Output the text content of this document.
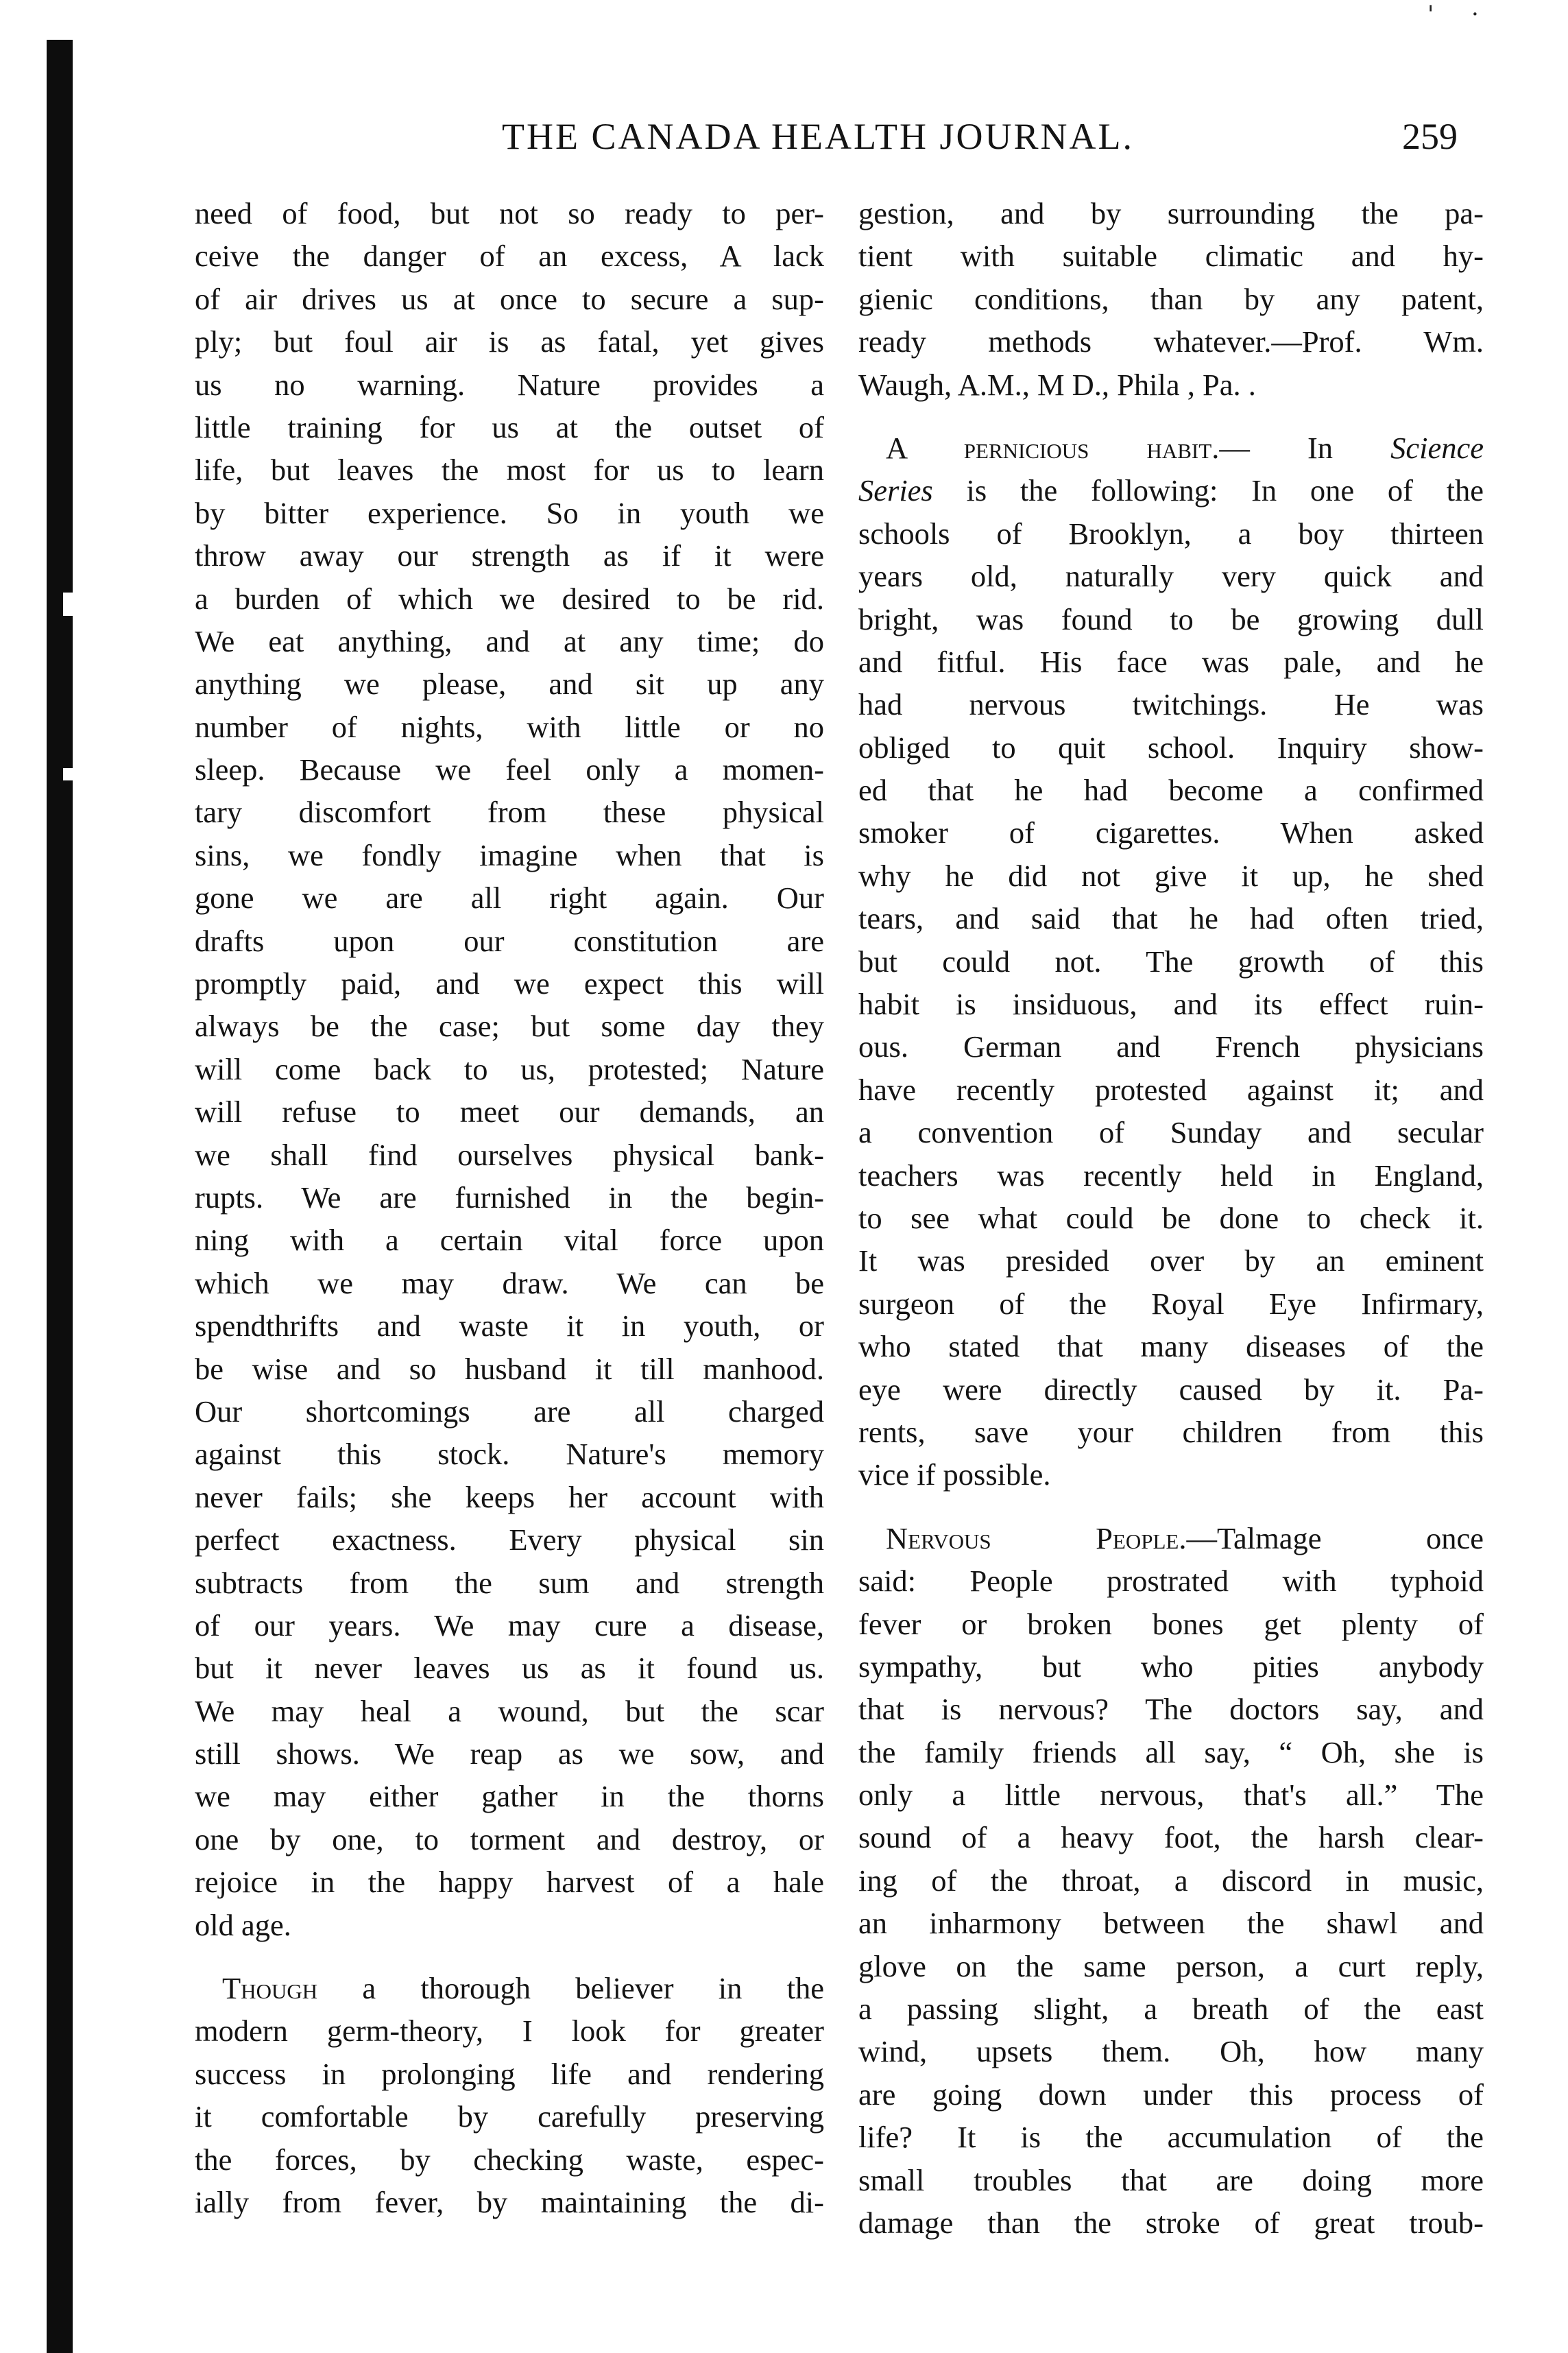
' ·
THE CANADA HEALTH JOURNAL.	259
need of food, but not so ready to per-
ceive the danger of an excess, A lack
of air drives us at once to secure a sup-
ply; but foul air is as fatal, yet gives
us no warning. Nature provides a
little training for us at the outset of
life, but leaves the most for us to learn
by bitter experience. So in youth we
throw away our strength as if it were
a burden of which we desired to be rid.
We eat anything, and at any time; do
anything we please, and sit up any
number of nights, with little or no
sleep. Because we feel only a momen-
tary discomfort from these physical
sins, we fondly imagine when that is
gone we are all right again. Our
drafts upon our constitution are
promptly paid, and we expect this will
always be the case; but some day they
will come back to us, protested; Nature
will refuse to meet our demands, an
we shall find ourselves physical bank-
rupts. We are furnished in the begin-
ning with a certain vital force upon
which we may draw. We can be
spendthrifts and waste it in youth, or
be wise and so husband it till manhood.
Our shortcomings are all charged
against this stock. Nature's memory
never fails; she keeps her account with
perfect exactness. Every physical sin
subtracts from the sum and strength
of our years. We may cure a disease,
but it never leaves us as it found us.
We may heal a wound, but the scar
still shows. We reap as we sow, and
we may either gather in the thorns
one by one, to torment and destroy, or
rejoice in the happy harvest of a hale
old age.
Though a thorough believer in the
modern germ-theory, I look for greater
success in prolonging life and rendering
it comfortable by carefully preserving
the forces, by checking waste, espec-
ially from fever, by maintaining the di-
gestion, and by surrounding the pa-
tient with suitable climatic and hy-
gienic conditions, than by any patent,
ready methods whatever.—Prof. Wm.
Waugh, A.M., M D., Phila , Pa. .
A pernicious habit.— In Science
Series is the following: In one of the
schools of Brooklyn, a boy thirteen
years old, naturally very quick and
bright, was found to be growing dull
and fitful. His face was pale, and he
had nervous twitchings. He was
obliged to quit school. Inquiry show-
ed that he had become a confirmed
smoker of cigarettes. When asked
why he did not give it up, he shed
tears, and said that he had often tried,
but could not. The growth of this
habit is insiduous, and its effect ruin-
ous. German and French physicians
have recently protested against it; and
a convention of Sunday and secular
teachers was recently held in England,
to see what could be done to check it.
It was presided over by an eminent
surgeon of the Royal Eye Infirmary,
who stated that many diseases of the
eye were directly caused by it. Pa-
rents, save your children from this
vice if possible.
Nervous People.—Talmage once
said: People prostrated with typhoid
fever or broken bones get plenty of
sympathy, but who pities anybody
that is nervous? The doctors say, and
the family friends all say, “ Oh, she is
only a little nervous, that's all.” The
sound of a heavy foot, the harsh clear-
ing of the throat, a discord in music,
an inharmony between the shawl and
glove on the same person, a curt reply,
a passing slight, a breath of the east
wind, upsets them. Oh, how many
are going down under this process of
life? It is the accumulation of the
small troubles that are doing more
damage than the stroke of great troub-
